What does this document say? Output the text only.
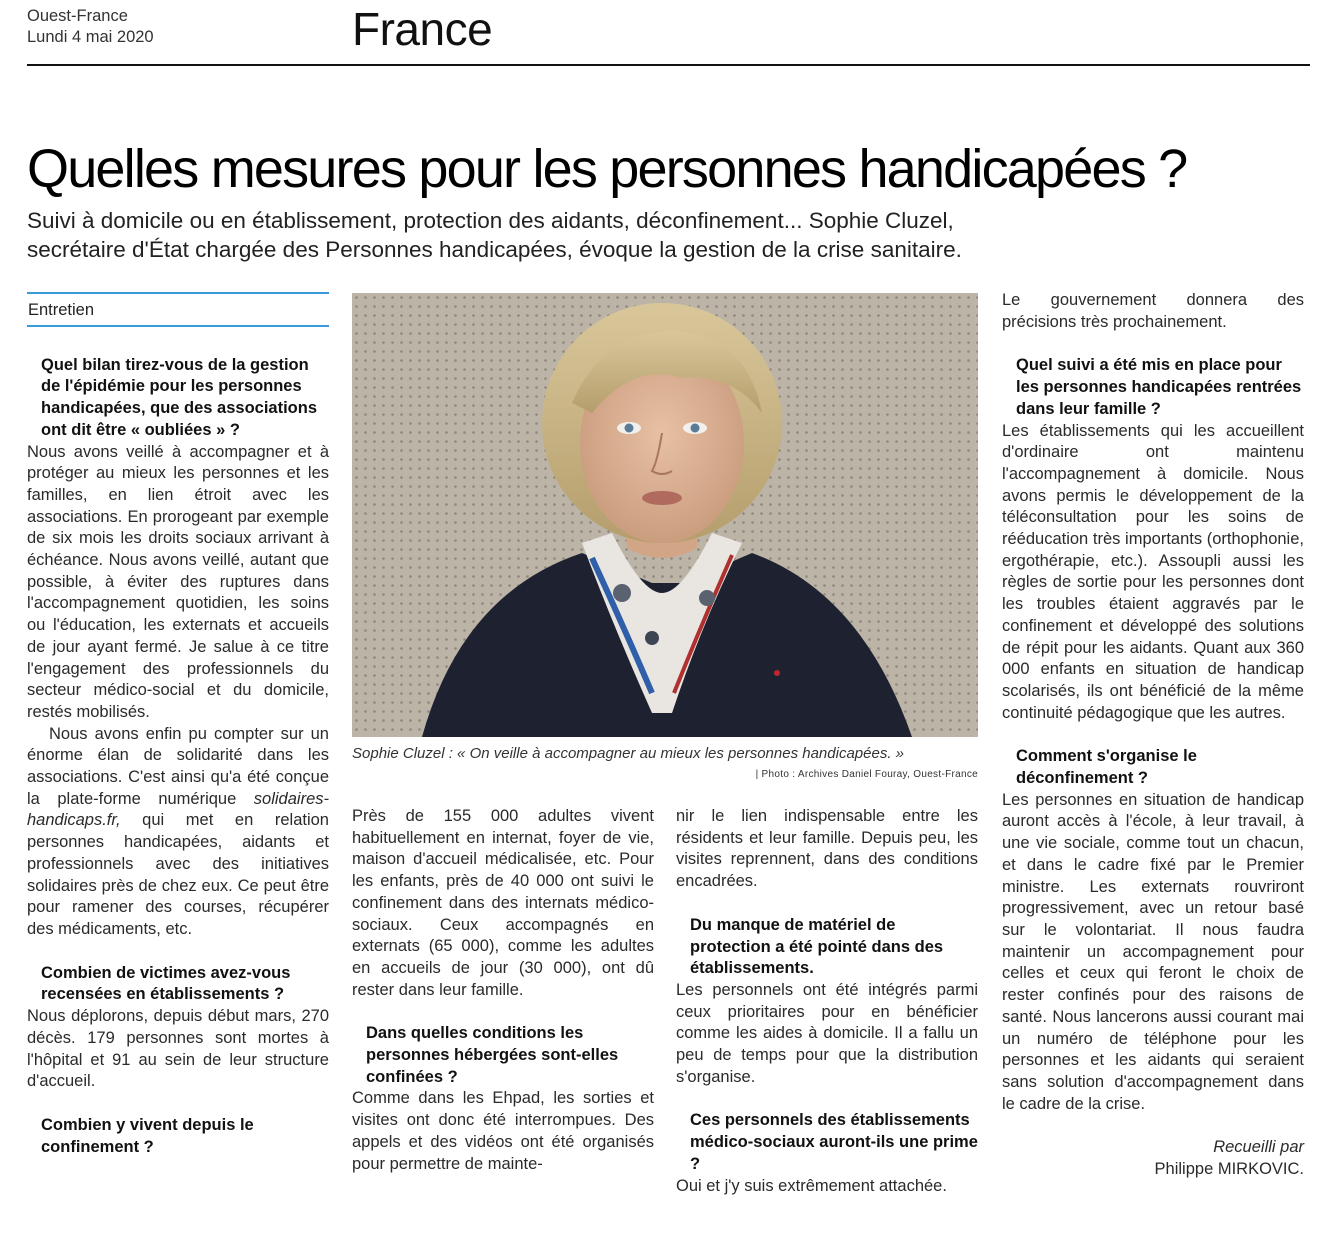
Ouest-France
Lundi 4 mai 2020	France
Quelles mesures pour les personnes handicapées ?
Suivi à domicile ou en établissement, protection des aidants, déconfinement... Sophie Cluzel,
secrétaire d'État chargée des Personnes handicapées, évoque la gestion de la crise sanitaire.
Entretien

Quel bilan tirez-vous de la gestion de l'épidémie pour les personnes handicapées, que des associations ont dit être « oubliées » ?

Nous avons veillé à accompagner et à protéger au mieux les personnes et les familles, en lien étroit avec les associations. En prorogeant par exemple de six mois les droits sociaux arrivant à échéance. Nous avons veillé, autant que possible, à éviter des ruptures dans l'accompagnement quotidien, les soins ou l'éducation, les externats et accueils de jour ayant fermé. Je salue à ce titre l'engagement des professionnels du secteur médico-social et du domicile, restés mobilisés.

Nous avons enfin pu compter sur un énorme élan de solidarité dans les associations. C'est ainsi qu'a été conçue la plate-forme numérique solidaires-handicaps.fr, qui met en relation personnes handicapées, aidants et professionnels avec des initiatives solidaires près de chez eux. Ce peut être pour ramener des courses, récupérer des médicaments, etc.

Combien de victimes avez-vous recensées en établissements ?

Nous déplorons, depuis début mars, 270 décès. 179 personnes sont mortes à l'hôpital et 91 au sein de leur structure d'accueil.

Combien y vivent depuis le confinement ?

Sophie Cluzel : « On veille à accompagner au mieux les personnes handicapées. »
| Photo : Archives Daniel Fouray, Ouest-France

Près de 155 000 adultes vivent habituellement en internat, foyer de vie, maison d'accueil médicalisée, etc. Pour les enfants, près de 40 000 ont suivi le confinement dans des internats médico-sociaux. Ceux accompagnés en externats (65 000), comme les adultes en accueils de jour (30 000), ont dû rester dans leur famille.

Dans quelles conditions les personnes hébergées sont-elles confinées ?

Comme dans les Ehpad, les sorties et visites ont donc été interrompues. Des appels et des vidéos ont été organisés pour permettre de mainte-

nir le lien indispensable entre les résidents et leur famille. Depuis peu, les visites reprennent, dans des conditions encadrées.

Du manque de matériel de protection a été pointé dans des établissements.

Les personnels ont été intégrés parmi ceux prioritaires pour en bénéficier comme les aides à domicile. Il a fallu un peu de temps pour que la distribution s'organise.

Ces personnels des établissements médico-sociaux auront-ils une prime ?

Oui et j'y suis extrêmement attachée.

Le gouvernement donnera des précisions très prochainement.

Quel suivi a été mis en place pour les personnes handicapées rentrées dans leur famille ?

Les établissements qui les accueillent d'ordinaire ont maintenu l'accompagnement à domicile. Nous avons permis le développement de la téléconsultation pour les soins de rééducation très importants (orthophonie, ergothérapie, etc.). Assoupli aussi les règles de sortie pour les personnes dont les troubles étaient aggravés par le confinement et développé des solutions de répit pour les aidants. Quant aux 360 000 enfants en situation de handicap scolarisés, ils ont bénéficié de la même continuité pédagogique que les autres.

Comment s'organise le déconfinement ?

Les personnes en situation de handicap auront accès à l'école, à leur travail, à une vie sociale, comme tout un chacun, et dans le cadre fixé par le Premier ministre. Les externats rouvriront progressivement, avec un retour basé sur le volontariat. Il nous faudra maintenir un accompagnement pour celles et ceux qui feront le choix de rester confinés pour des raisons de santé. Nous lancerons aussi courant mai un numéro de téléphone pour les personnes et les aidants qui seraient sans solution d'accompagnement dans le cadre de la crise.

Recueilli par
Philippe MIRKOVIC.
